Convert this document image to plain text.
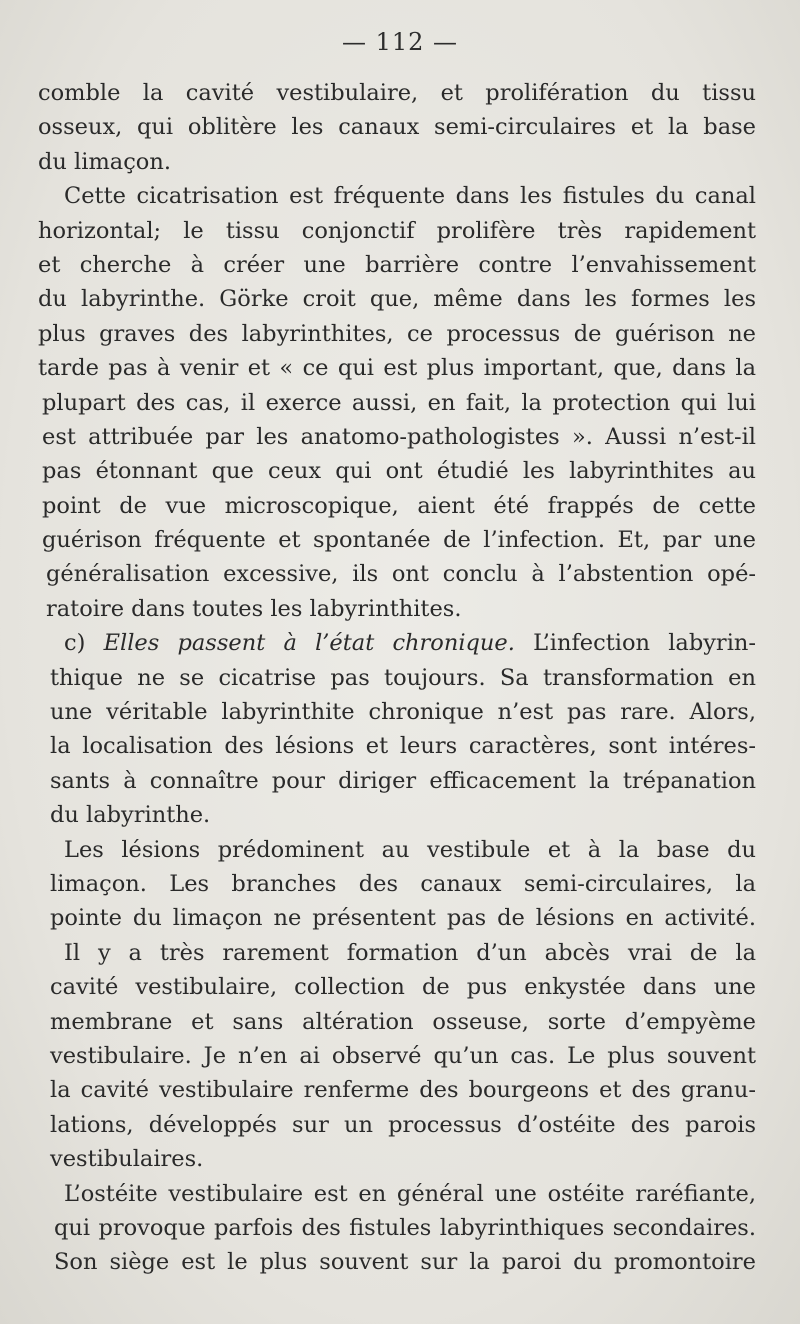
— 112 —
comble la cavité vestibulaire, et prolifération du tissu
osseux, qui oblitère les canaux semi-circulaires et la base
du limaçon.
Cette cicatrisation est fréquente dans les fistules du canal
horizontal; le tissu conjonctif prolifère très rapidement
et cherche à créer une barrière contre l’envahissement
du labyrinthe. Görke croit que, même dans les formes les
plus graves des labyrinthites, ce processus de guérison ne
tarde pas à venir et « ce qui est plus important, que, dans la
plupart des cas, il exerce aussi, en fait, la protection qui lui
est attribuée par les anatomo-pathologistes ». Aussi n’est-il
pas étonnant que ceux qui ont étudié les labyrinthites au
point de vue microscopique, aient été frappés de cette
guérison fréquente et spontanée de l’infection. Et, par une
généralisation excessive, ils ont conclu à l’abstention opé-
ratoire dans toutes les labyrinthites.
c) Elles passent à l’état chronique. L’infection labyrin-
thique ne se cicatrise pas toujours. Sa transformation en
une véritable labyrinthite chronique n’est pas rare. Alors,
la localisation des lésions et leurs caractères, sont intéres-
sants à connaître pour diriger efficacement la trépanation
du labyrinthe.
Les lésions prédominent au vestibule et à la base du
limaçon. Les branches des canaux semi-circulaires, la
pointe du limaçon ne présentent pas de lésions en activité.
Il y a très rarement formation d’un abcès vrai de la
cavité vestibulaire, collection de pus enkystée dans une
membrane et sans altération osseuse, sorte d’empyème
vestibulaire. Je n’en ai observé qu’un cas. Le plus souvent
la cavité vestibulaire renferme des bourgeons et des granu-
lations, développés sur un processus d’ostéite des parois
vestibulaires.
L’ostéite vestibulaire est en général une ostéite raréfiante,
qui provoque parfois des fistules labyrinthiques secondaires.
Son siège est le plus souvent sur la paroi du promontoire
